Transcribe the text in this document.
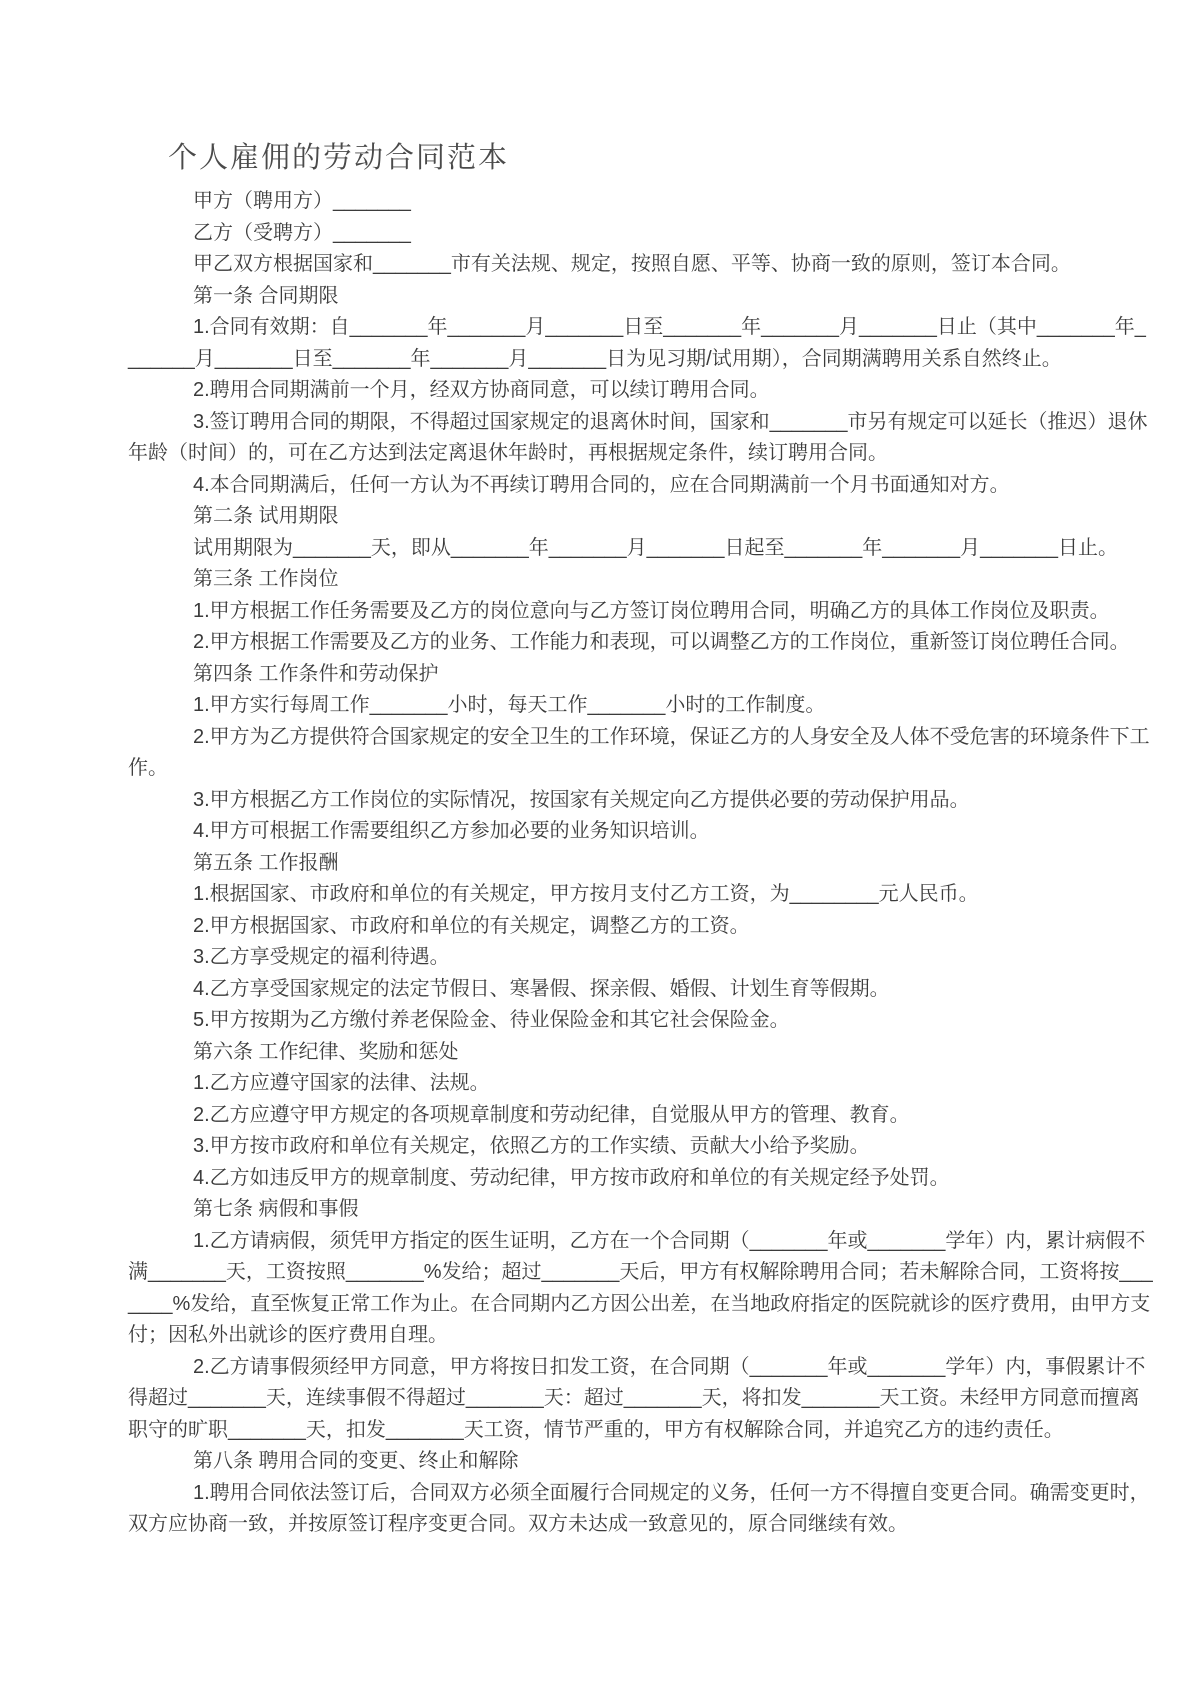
个人雇佣的劳动合同范本

甲方（聘用方）_______

乙方（受聘方）_______

甲乙双方根据国家和_______市有关法规、规定，按照自愿、平等、协商一致的原则，签订本合同。

第一条 合同期限

1.合同有效期：自_______年_______月_______日至_______年_______月_______日止（其中_______年_______月_______日至_______年_______月_______日为见习期/试用期），合同期满聘用关系自然终止。

2.聘用合同期满前一个月，经双方协商同意，可以续订聘用合同。

3.签订聘用合同的期限，不得超过国家规定的退离休时间，国家和_______市另有规定可以延长（推迟）退休年龄（时间）的，可在乙方达到法定离退休年龄时，再根据规定条件，续订聘用合同。

4.本合同期满后，任何一方认为不再续订聘用合同的，应在合同期满前一个月书面通知对方。

第二条 试用期限

试用期限为_______天，即从_______年_______月_______日起至_______年_______月_______日止。

第三条 工作岗位

1.甲方根据工作任务需要及乙方的岗位意向与乙方签订岗位聘用合同，明确乙方的具体工作岗位及职责。

2.甲方根据工作需要及乙方的业务、工作能力和表现，可以调整乙方的工作岗位，重新签订岗位聘任合同。

第四条 工作条件和劳动保护

1.甲方实行每周工作_______小时，每天工作_______小时的工作制度。

2.甲方为乙方提供符合国家规定的安全卫生的工作环境，保证乙方的人身安全及人体不受危害的环境条件下工作。

3.甲方根据乙方工作岗位的实际情况，按国家有关规定向乙方提供必要的劳动保护用品。

4.甲方可根据工作需要组织乙方参加必要的业务知识培训。

第五条 工作报酬

1.根据国家、市政府和单位的有关规定，甲方按月支付乙方工资，为________元人民币。

2.甲方根据国家、市政府和单位的有关规定，调整乙方的工资。

3.乙方享受规定的福利待遇。

4.乙方享受国家规定的法定节假日、寒暑假、探亲假、婚假、计划生育等假期。

5.甲方按期为乙方缴付养老保险金、待业保险金和其它社会保险金。

第六条 工作纪律、奖励和惩处

1.乙方应遵守国家的法律、法规。

2.乙方应遵守甲方规定的各项规章制度和劳动纪律，自觉服从甲方的管理、教育。

3.甲方按市政府和单位有关规定，依照乙方的工作实绩、贡献大小给予奖励。

4.乙方如违反甲方的规章制度、劳动纪律，甲方按市政府和单位的有关规定经予处罚。

第七条 病假和事假

1.乙方请病假，须凭甲方指定的医生证明，乙方在一个合同期（_______年或_______学年）内，累计病假不满_______天，工资按照_______%发给；超过_______天后，甲方有权解除聘用合同；若未解除合同，工资将按_______%发给，直至恢复正常工作为止。在合同期内乙方因公出差，在当地政府指定的医院就诊的医疗费用，由甲方支付；因私外出就诊的医疗费用自理。

2.乙方请事假须经甲方同意，甲方将按日扣发工资，在合同期（_______年或_______学年）内，事假累计不得超过_______天，连续事假不得超过_______天：超过_______天，将扣发_______天工资。未经甲方同意而擅离职守的旷职_______天，扣发_______天工资，情节严重的，甲方有权解除合同，并追究乙方的违约责任。

第八条 聘用合同的变更、终止和解除

1.聘用合同依法签订后，合同双方必须全面履行合同规定的义务，任何一方不得擅自变更合同。确需变更时，双方应协商一致，并按原签订程序变更合同。双方未达成一致意见的，原合同继续有效。
